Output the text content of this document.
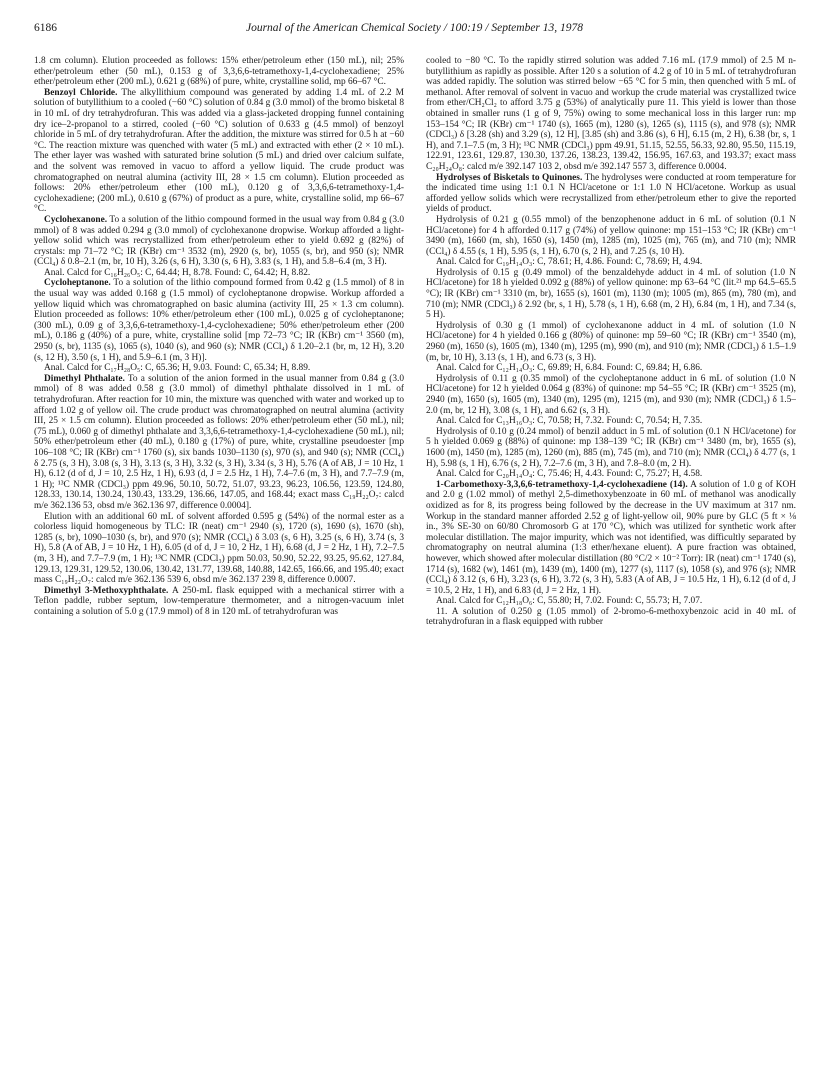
6186	Journal of the American Chemical Society / 100:19 / September 13, 1978

1.8 cm column). Elution proceeded as follows: 15% ether/petroleum ether (150 mL), nil; 25% ether/petroleum ether (50 mL), 0.153 g of 3,3,6,6-tetramethoxy-1,4-cyclohexadiene; 25% ether/petroleum ether (200 mL), 0.621 g (68%) of pure, white, crystalline solid, mp 66–67 °C.

Benzoyl Chloride. The alkyllithium compound was generated by adding 1.4 mL of 2.2 M solution of butyllithium to a cooled (−60 °C) solution of 0.84 g (3.0 mmol) of the bromo bisketal 8 in 10 mL of dry tetrahydrofuran. This was added via a glass-jacketed dropping funnel containing dry ice–2-propanol to a stirred, cooled (−60 °C) solution of 0.633 g (4.5 mmol) of benzoyl chloride in 5 mL of dry tetrahydrofuran. After the addition, the mixture was stirred for 0.5 h at −60 °C. The reaction mixture was quenched with water (5 mL) and extracted with ether (2 × 10 mL). The ether layer was washed with saturated brine solution (5 mL) and dried over calcium sulfate, and the solvent was removed in vacuo to afford a yellow liquid. The crude product was chromatographed on neutral alumina (activity III, 28 × 1.5 cm column). Elution proceeded as follows: 20% ether/petroleum ether (100 mL), 0.120 g of 3,3,6,6-tetramethoxy-1,4-cyclohexadiene; (200 mL), 0.610 g (67%) of product as a pure, white, crystalline solid, mp 66–67 °C.

Cyclohexanone. To a solution of the lithio compound formed in the usual way from 0.84 g (3.0 mmol) of 8 was added 0.294 g (3.0 mmol) of cyclohexanone dropwise. Workup afforded a light-yellow solid which was recrystallized from ether/petroleum ether to yield 0.692 g (82%) of crystals: mp 71–72 °C; IR (KBr) cm⁻¹ 3532 (m), 2920 (s, br), 1055 (s, br), and 950 (s); NMR (CCl₄) δ 0.8–2.1 (m, br, 10 H), 3.26 (s, 6 H), 3.30 (s, 6 H), 3.83 (s, 1 H), and 5.8–6.4 (m, 3 H).

Anal. Calcd for C₁₆H₂₆O₅: C, 64.44; H, 8.78. Found: C, 64.42; H, 8.82.

Cycloheptanone. To a solution of the lithio compound formed from 0.42 g (1.5 mmol) of 8 in the usual way was added 0.168 g (1.5 mmol) of cycloheptanone dropwise. Workup afforded a yellow liquid which was chromatographed on basic alumina (activity III, 25 × 1.3 cm column). Elution proceeded as follows: 10% ether/petroleum ether (100 mL), 0.025 g of cycloheptanone; (300 mL), 0.09 g of 3,3,6,6-tetramethoxy-1,4-cyclohexadiene; 50% ether/petroleum ether (200 mL), 0.186 g (40%) of a pure, white, crystalline solid [mp 72–73 °C; IR (KBr) cm⁻¹ 3560 (m), 2950 (s, br), 1135 (s), 1065 (s), 1040 (s), and 960 (s); NMR (CCl₄) δ 1.20–2.1 (br, m, 12 H), 3.20 (s, 12 H), 3.50 (s, 1 H), and 5.9–6.1 (m, 3 H)].

Anal. Calcd for C₁₇H₂₈O₅: C, 65.36; H, 9.03. Found: C, 65.34; H, 8.89.

Dimethyl Phthalate. To a solution of the anion formed in the usual manner from 0.84 g (3.0 mmol) of 8 was added 0.58 g (3.0 mmol) of dimethyl phthalate dissolved in 1 mL of tetrahydrofuran. After reaction for 10 min, the mixture was quenched with water and worked up to afford 1.02 g of yellow oil. The crude product was chromatographed on neutral alumina (activity III, 25 × 1.5 cm column). Elution proceeded as follows: 20% ether/petroleum ether (50 mL), nil; (75 mL), 0.060 g of dimethyl phthalate and 3,3,6,6-tetramethoxy-1,4-cyclohexadiene (50 mL), nil; 50% ether/petroleum ether (40 mL), 0.180 g (17%) of pure, white, crystalline pseudoester [mp 106–108 °C; IR (KBr) cm⁻¹ 1760 (s), six bands 1030–1130 (s), 970 (s), and 940 (s); NMR (CCl₄) δ 2.75 (s, 3 H), 3.08 (s, 3 H), 3.13 (s, 3 H), 3.32 (s, 3 H), 3.34 (s, 3 H), 5.76 (A of AB, J = 10 Hz, 1 H), 6.12 (d of d, J = 10, 2.5 Hz, 1 H), 6.93 (d, J = 2.5 Hz, 1 H), 7.4–7.6 (m, 3 H), and 7.7–7.9 (m, 1 H); ¹³C NMR (CDCl₃) ppm 49.96, 50.10, 50.72, 51.07, 93.23, 96.23, 106.56, 123.59, 124.80, 128.33, 130.14, 130.24, 130.43, 133.29, 136.66, 147.05, and 168.44; exact mass C₁₉H₂₂O₇: calcd m/e 362.136 53, obsd m/e 362.136 97, difference 0.0004].

Elution with an additional 60 mL of solvent afforded 0.595 g (54%) of the normal ester as a colorless liquid homogeneous by TLC: IR (neat) cm⁻¹ 2940 (s), 1720 (s), 1690 (s), 1670 (sh), 1285 (s, br), 1090–1030 (s, br), and 970 (s); NMR (CCl₄) δ 3.03 (s, 6 H), 3.25 (s, 6 H), 3.74 (s, 3 H), 5.8 (A of AB, J = 10 Hz, 1 H), 6.05 (d of d, J = 10, 2 Hz, 1 H), 6.68 (d, J = 2 Hz, 1 H), 7.2–7.5 (m, 3 H), and 7.7–7.9 (m, 1 H); ¹³C NMR (CDCl₃) ppm 50.03, 50.90, 52.22, 93.25, 95.62, 127.84, 129.13, 129.31, 129.52, 130.06, 130.42, 131.77, 139.68, 140.88, 142.65, 166.66, and 195.40; exact mass C₁₉H₂₂O₇: calcd m/e 362.136 539 6, obsd m/e 362.137 239 8, difference 0.0007.

Dimethyl 3-Methoxyphthalate. A 250-mL flask equipped with a mechanical stirrer with a Teflon paddle, rubber septum, low-temperature thermometer, and a nitrogen-vacuum inlet containing a solution of 5.0 g (17.9 mmol) of 8 in 120 mL of tetrahydrofuran was

cooled to −80 °C. To the rapidly stirred solution was added 7.16 mL (17.9 mmol) of 2.5 M n-butyllithium as rapidly as possible. After 120 s a solution of 4.2 g of 10 in 5 mL of tetrahydrofuran was added rapidly. The solution was stirred below −65 °C for 5 min, then quenched with 5 mL of methanol. After removal of solvent in vacuo and workup the crude material was crystallized twice from ether/CH₂Cl₂ to afford 3.75 g (53%) of analytically pure 11. This yield is lower than those obtained in smaller runs (1 g of 9, 75%) owing to some mechanical loss in this larger run: mp 153–154 °C; IR (KBr) cm⁻¹ 1740 (s), 1665 (m), 1280 (s), 1265 (s), 1115 (s), and 978 (s); NMR (CDCl₃) δ [3.28 (sh) and 3.29 (s), 12 H], [3.85 (sh) and 3.86 (s), 6 H], 6.15 (m, 2 H), 6.38 (br, s, 1 H), and 7.1–7.5 (m, 3 H); ¹³C NMR (CDCl₃) ppm 49.91, 51.15, 52.55, 56.33, 92.80, 95.50, 115.19, 122.91, 123.61, 129.87, 130.30, 137.26, 138.23, 139.42, 156.95, 167.63, and 193.37; exact mass C₂₀H₂₄O₈: calcd m/e 392.147 103 2, obsd m/e 392.147 557 3, difference 0.0004.

Hydrolyses of Bisketals to Quinones. The hydrolyses were conducted at room temperature for the indicated time using 1:1 0.1 N HCl/acetone or 1:1 1.0 N HCl/acetone. Workup as usual afforded yellow solids which were recrystallized from ether/petroleum ether to give the reported yields of product.

Hydrolysis of 0.21 g (0.55 mmol) of the benzophenone adduct in 6 mL of solution (0.1 N HCl/acetone) for 4 h afforded 0.117 g (74%) of yellow quinone: mp 151–153 °C; IR (KBr) cm⁻¹ 3490 (m), 1660 (m, sh), 1650 (s), 1450 (m), 1285 (m), 1025 (m), 765 (m), and 710 (m); NMR (CCl₄) δ 4.55 (s, 1 H), 5.95 (s, 1 H), 6.70 (s, 2 H), and 7.25 (s, 10 H).

Anal. Calcd for C₁₉H₁₄O₃: C, 78.61; H, 4.86. Found: C, 78.69; H, 4.94.

Hydrolysis of 0.15 g (0.49 mmol) of the benzaldehyde adduct in 4 mL of solution (1.0 N HCl/acetone) for 18 h yielded 0.092 g (88%) of yellow quinone: mp 63–64 °C (lit.²¹ mp 64.5–65.5 °C); IR (KBr) cm⁻¹ 3310 (m, br), 1655 (s), 1601 (m), 1130 (m); 1005 (m), 865 (m), 780 (m), and 710 (m); NMR (CDCl₃) δ 2.92 (br, s, 1 H), 5.78 (s, 1 H), 6.68 (m, 2 H), 6.84 (m, 1 H), and 7.34 (s, 5 H).

Hydrolysis of 0.30 g (1 mmol) of cyclohexanone adduct in 4 mL of solution (1.0 N HCl/acetone) for 4 h yielded 0.166 g (80%) of quinone: mp 59–60 °C; IR (KBr) cm⁻¹ 3540 (m), 2960 (m), 1650 (s), 1605 (m), 1340 (m), 1295 (m), 990 (m), and 910 (m); NMR (CDCl₃) δ 1.5–1.9 (m, br, 10 H), 3.13 (s, 1 H), and 6.73 (s, 3 H).

Anal. Calcd for C₁₂H₁₄O₃: C, 69.89; H, 6.84. Found: C, 69.84; H, 6.86.

Hydrolysis of 0.11 g (0.35 mmol) of the cycloheptanone adduct in 6 mL of solution (1.0 N HCl/acetone) for 12 h yielded 0.064 g (83%) of quinone: mp 54–55 °C; IR (KBr) cm⁻¹ 3525 (m), 2940 (m), 1650 (s), 1605 (m), 1340 (m), 1295 (m), 1215 (m), and 930 (m); NMR (CDCl₃) δ 1.5–2.0 (m, br, 12 H), 3.08 (s, 1 H), and 6.62 (s, 3 H).

Anal. Calcd for C₁₃H₁₆O₃: C, 70.58; H, 7.32. Found: C, 70.54; H, 7.35.

Hydrolysis of 0.10 g (0.24 mmol) of benzil adduct in 5 mL of solution (0.1 N HCl/acetone) for 5 h yielded 0.069 g (88%) of quinone: mp 138–139 °C; IR (KBr) cm⁻¹ 3480 (m, br), 1655 (s), 1600 (m), 1450 (m), 1285 (m), 1260 (m), 885 (m), 745 (m), and 710 (m); NMR (CCl₄) δ 4.77 (s, 1 H), 5.98 (s, 1 H), 6.76 (s, 2 H), 7.2–7.6 (m, 3 H), and 7.8–8.0 (m, 2 H).

Anal. Calcd for C₂₀H₁₄O₄: C, 75.46; H, 4.43. Found: C, 75.27; H, 4.58.

1-Carbomethoxy-3,3,6,6-tetramethoxy-1,4-cyclohexadiene (14). A solution of 1.0 g of KOH and 2.0 g (1.02 mmol) of methyl 2,5-dimethoxybenzoate in 60 mL of methanol was anodically oxidized as for 8, its progress being followed by the decrease in the UV maximum at 317 nm. Workup in the standard manner afforded 2.52 g of light-yellow oil, 90% pure by GLC (5 ft × ⅛ in., 3% SE-30 on 60/80 Chromosorb G at 170 °C), which was utilized for synthetic work after molecular distillation. The major impurity, which was not identified, was difficultly separated by chromatography on neutral alumina (1:3 ether/hexane eluent). A pure fraction was obtained, however, which showed after molecular distillation (80 °C/2 × 10⁻² Torr): IR (neat) cm⁻¹ 1740 (s), 1714 (s), 1682 (w), 1461 (m), 1439 (m), 1400 (m), 1277 (s), 1117 (s), 1058 (s), and 976 (s); NMR (CCl₄) δ 3.12 (s, 6 H), 3.23 (s, 6 H), 3.72 (s, 3 H), 5.83 (A of AB, J = 10.5 Hz, 1 H), 6.12 (d of d, J = 10.5, 2 Hz, 1 H), and 6.83 (d, J = 2 Hz, 1 H).

Anal. Calcd for C₁₂H₁₈O₆: C, 55.80; H, 7.02. Found: C, 55.73; H, 7.07.

11. A solution of 0.250 g (1.05 mmol) of 2-bromo-6-methoxybenzoic acid in 40 mL of tetrahydrofuran in a flask equipped with rubber
